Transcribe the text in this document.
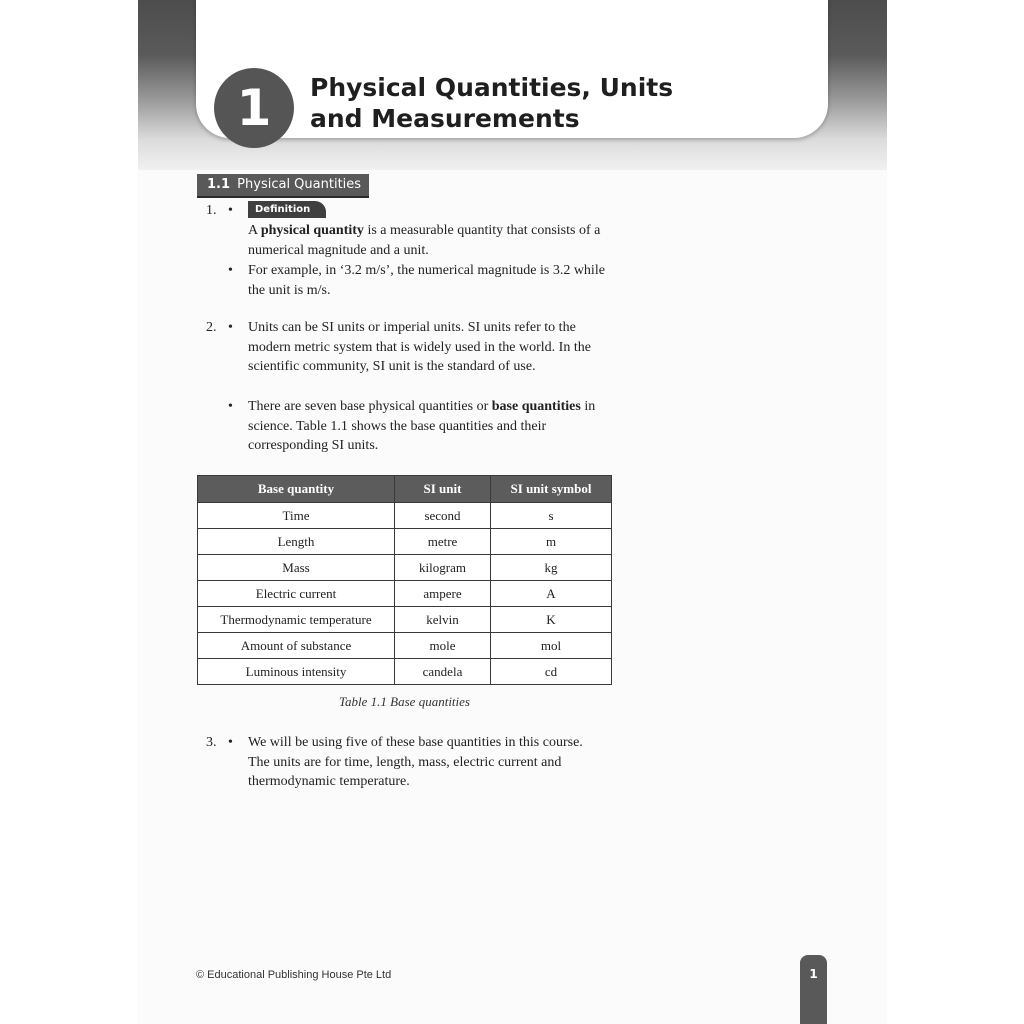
1	Physical Quantities, Units
and Measurements
1.1 Physical Quantities
1. •	Definition
A physical quantity is a measurable quantity that consists of a numerical magnitude and a unit.
• For example, in ‘3.2 m/s’, the numerical magnitude is 3.2 while the unit is m/s.
2. • Units can be SI units or imperial units. SI units refer to the modern metric system that is widely used in the world. In the scientific community, SI unit is the standard of use.
• There are seven base physical quantities or base quantities in science. Table 1.1 shows the base quantities and their corresponding SI units.
Base quantity	SI unit	SI unit symbol
Time	second	s
Length	metre	m
Mass	kilogram	kg
Electric current	ampere	A
Thermodynamic temperature	kelvin	K
Amount of substance	mole	mol
Luminous intensity	candela	cd
Table 1.1 Base quantities
3. • We will be using five of these base quantities in this course. The units are for time, length, mass, electric current and thermodynamic temperature.
© Educational Publishing House Pte Ltd	1
